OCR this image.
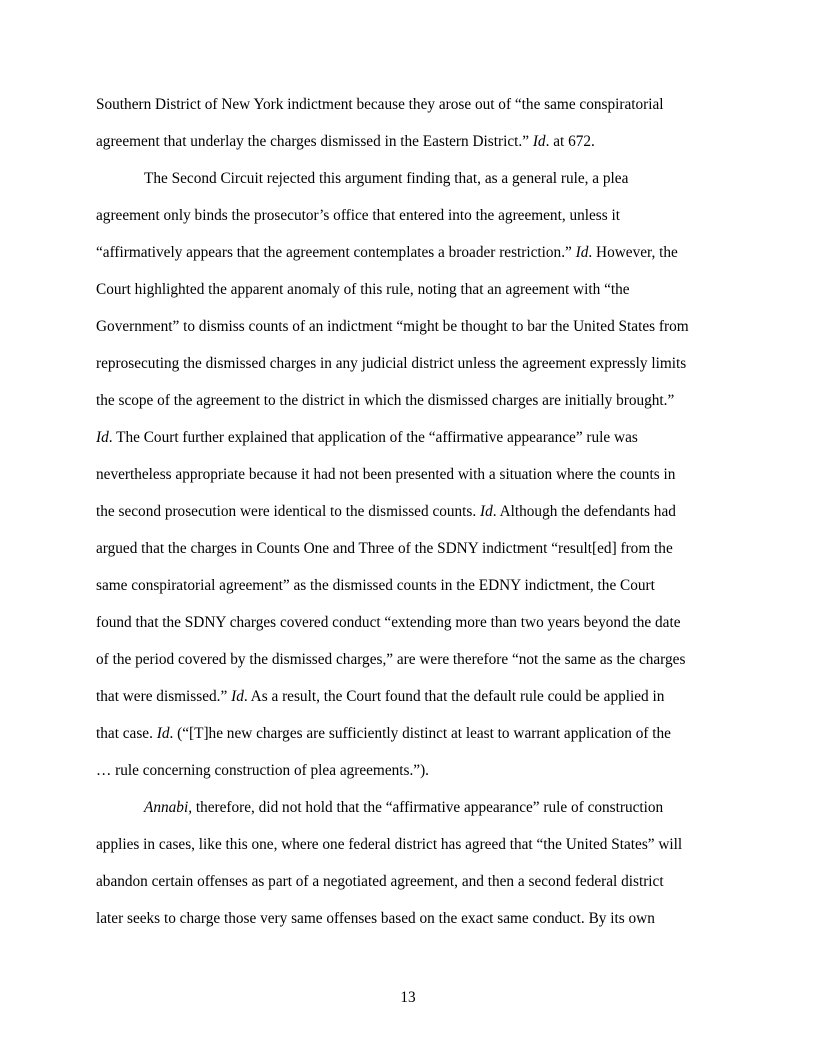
Southern District of New York indictment because they arose out of “the same conspiratorial
agreement that underlay the charges dismissed in the Eastern District.” Id. at 672.
The Second Circuit rejected this argument finding that, as a general rule, a plea
agreement only binds the prosecutor’s office that entered into the agreement, unless it
“affirmatively appears that the agreement contemplates a broader restriction.” Id. However, the
Court highlighted the apparent anomaly of this rule, noting that an agreement with “the
Government” to dismiss counts of an indictment “might be thought to bar the United States from
reprosecuting the dismissed charges in any judicial district unless the agreement expressly limits
the scope of the agreement to the district in which the dismissed charges are initially brought.”
Id. The Court further explained that application of the “affirmative appearance” rule was
nevertheless appropriate because it had not been presented with a situation where the counts in
the second prosecution were identical to the dismissed counts. Id. Although the defendants had
argued that the charges in Counts One and Three of the SDNY indictment “result[ed] from the
same conspiratorial agreement” as the dismissed counts in the EDNY indictment, the Court
found that the SDNY charges covered conduct “extending more than two years beyond the date
of the period covered by the dismissed charges,” are were therefore “not the same as the charges
that were dismissed.” Id. As a result, the Court found that the default rule could be applied in
that case. Id. (“[T]he new charges are sufficiently distinct at least to warrant application of the
… rule concerning construction of plea agreements.”).
Annabi, therefore, did not hold that the “affirmative appearance” rule of construction
applies in cases, like this one, where one federal district has agreed that “the United States” will
abandon certain offenses as part of a negotiated agreement, and then a second federal district
later seeks to charge those very same offenses based on the exact same conduct. By its own
13
